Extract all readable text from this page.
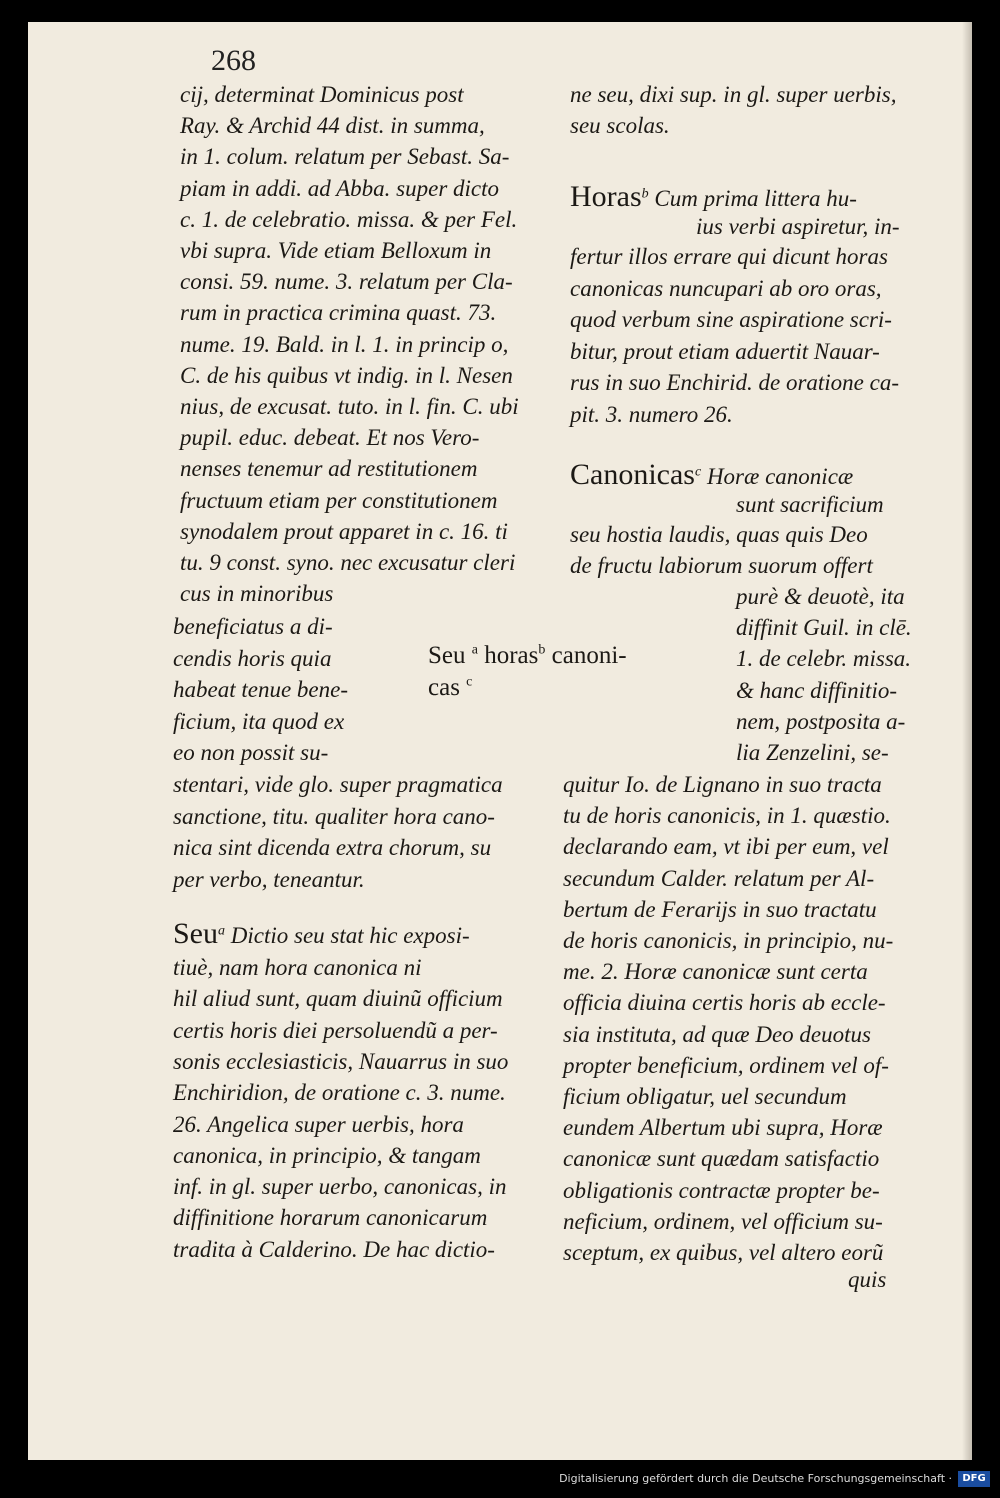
268
cij, determinat Dominicus post
Ray. & Archid 44 dist. in summa,
in 1. colum. relatum per Sebast. Sa-
piam in addi. ad Abba. super dicto
c. 1. de celebratio. missa. & per Fel.
vbi supra. Vide etiam Belloxum in
consi. 59. nume. 3. relatum per Cla-
rum in practica crimina quast. 73.
nume. 19. Bald. in l. 1. in princip o,
C. de his quibus vt indig. in l. Nesen
nius, de excusat. tuto. in l. fin. C. ubi
pupil. educ. debeat. Et nos Vero-
nenses tenemur ad restitutionem
fructuum etiam per constitutionem
synodalem prout apparet in c. 16. ti
tu. 9 const. syno. nec excusatur cleri
cus in minoribus
beneficiatus a di-
cendis horis quia
habeat tenue bene-
ficium, ita quod ex
eo non possit su-
Seu $^a$ horas$^b$ canoni-
cas $^c$
stentari, vide glo. super pragmatica
sanctione, titu. qualiter hora cano-
nica sint dicenda extra chorum, su
per verbo, teneantur.
Seu$^a$ Dictio seu stat hic exposi-
tiuè, nam hora canonica ni
hil aliud sunt, quam diuinũ officium
certis horis diei persoluendũ a per-
sonis ecclesiasticis, Nauarrus in suo
Enchiridion, de oratione c. 3. nume.
26. Angelica super uerbis, hora
canonica, in principio, & tangam
inf. in gl. super uerbo, canonicas, in
diffinitione horarum canonicarum
tradita à Calderino. De hac dictio-
ne seu, dixi sup. in gl. super uerbis,
seu scolas.
Horas$^b$ Cum prima littera hu-
ius verbi aspiretur, in-
fertur illos errare qui dicunt horas
canonicas nuncupari ab oro oras,
quod verbum sine aspiratione scri-
bitur, prout etiam aduertit Nauar-
rus in suo Enchirid. de oratione ca-
pit. 3. numero 26.
Canonicas$^c$ Horæ canonicæ
sunt sacrificium
seu hostia laudis, quas quis Deo
de fructu labiorum suorum offert
purè & deuotè, ita
diffinit Guil. in clē.
1. de celebr. missa.
& hanc diffinitio-
nem, postposita a-
lia Zenzelini, se-
quitur Io. de Lignano in suo tracta
tu de horis canonicis, in 1. quæstio.
declarando eam, vt ibi per eum, vel
secundum Calder. relatum per Al-
bertum de Ferarijs in suo tractatu
de horis canonicis, in principio, nu-
me. 2. Horæ canonicæ sunt certa
officia diuina certis horis ab eccle-
sia instituta, ad quæ Deo deuotus
propter beneficium, ordinem vel of-
ficium obligatur, uel secundum
eundem Albertum ubi supra, Horæ
canonicæ sunt quædam satisfactio
obligationis contractæ propter be-
neficium, ordinem, vel officium su-
sceptum, ex quibus, vel altero eorũ
quis
Digitalisierung gefördert durch die Deutsche Forschungsgemeinschaft ·	DFG
